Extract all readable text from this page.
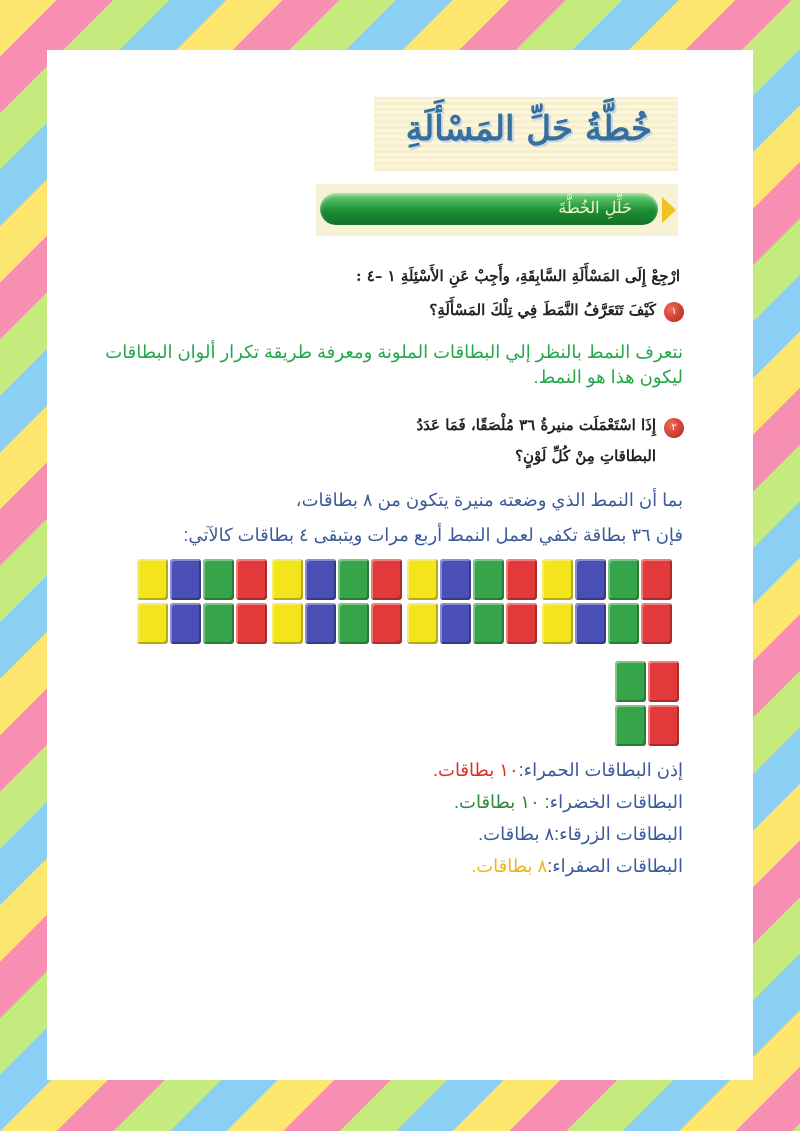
خُطَّةُ حَلِّ المَسْأَلَةِ
حَلِّلِ الخُطَّةَ
ارْجِعْ إِلَى المَسْأَلَةِ السَّابِقَةِ، وأَجِبْ عَنِ الأَسْئِلَةِ ١ –٤ :
١
كَيْفَ تَتَعَرَّفُ النَّمَطَ فِي تِلْكَ المَسْأَلَةِ؟
نتعرف النمط بالنظر إلي البطاقات الملونة ومعرفة طريقة تكرار ألوان البطاقات
ليكون هذا هو النمط.
٢
إِذَا اسْتَعْمَلَت منيرةُ ٣٦ مُلْصَقًا، فَمَا عَدَدُ
البطاقاتِ مِنْ كُلِّ لَوْنٍ؟
بما أن النمط الذي وضعته منيرة يتكون من ٨ بطاقات،
فإن ٣٦ بطاقة تكفي لعمل النمط أربع مرات ويتبقى ٤ بطاقات كالآتي:
إذن البطاقات الحمراء:١٠ بطاقات.
البطاقات الخضراء: ١٠ بطاقات.
البطاقات الزرقاء:٨ بطاقات.
البطاقات الصفراء:٨ بطاقات.
